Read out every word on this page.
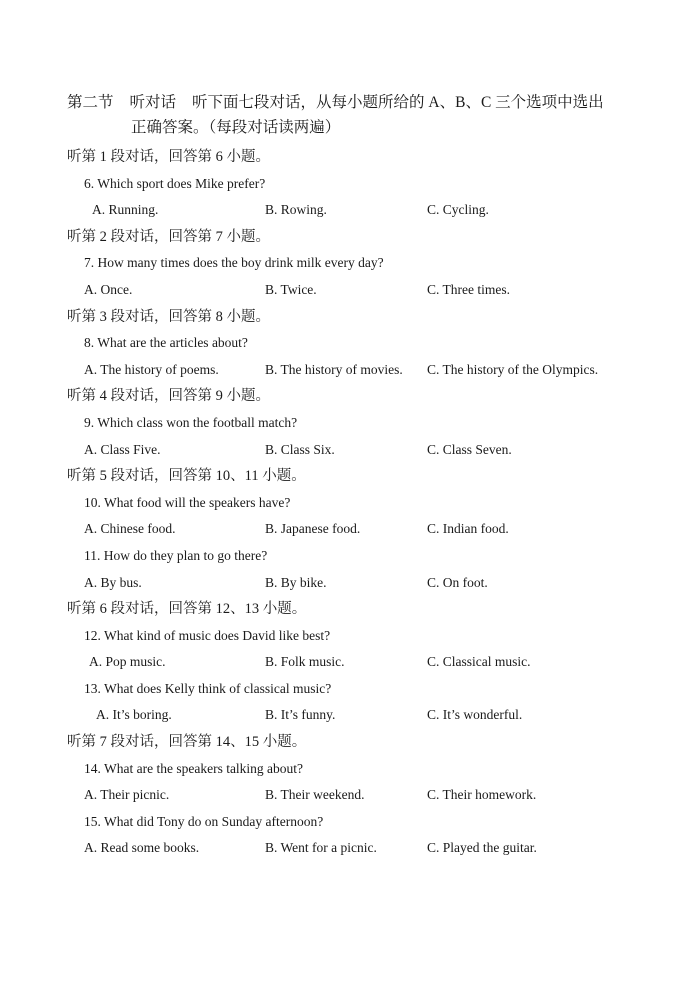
第二节 听对话 听下面七段对话，从每小题所给的 A、B、C 三个选项中选出
正确答案。（每段对话读两遍）
听第 1 段对话，回答第 6 小题。
6. Which sport does Mike prefer?
A. Running.	B. Rowing.	C. Cycling.
听第 2 段对话，回答第 7 小题。
7. How many times does the boy drink milk every day?
A. Once.	B. Twice.	C. Three times.
听第 3 段对话，回答第 8 小题。
8. What are the articles about?
A. The history of poems.	B. The history of movies. C. The history of the Olympics.
听第 4 段对话，回答第 9 小题。
9. Which class won the football match?
A. Class Five.	B. Class Six.	C. Class Seven.
听第 5 段对话，回答第 10、11 小题。
10. What food will the speakers have?
A. Chinese food.	B. Japanese food.	C. Indian food.
11. How do they plan to go there?
A. By bus.	B. By bike.	C. On foot.
听第 6 段对话，回答第 12、13 小题。
12. What kind of music does David like best?
A. Pop music.	B. Folk music.	C. Classical music.
13. What does Kelly think of classical music?
A. It’s boring.	B. It’s funny.	C. It’s wonderful.
听第 7 段对话，回答第 14、15 小题。
14. What are the speakers talking about?
A. Their picnic.	B. Their weekend.	C. Their homework.
15. What did Tony do on Sunday afternoon?
A. Read some books.	B. Went for a picnic.	C. Played the guitar.
